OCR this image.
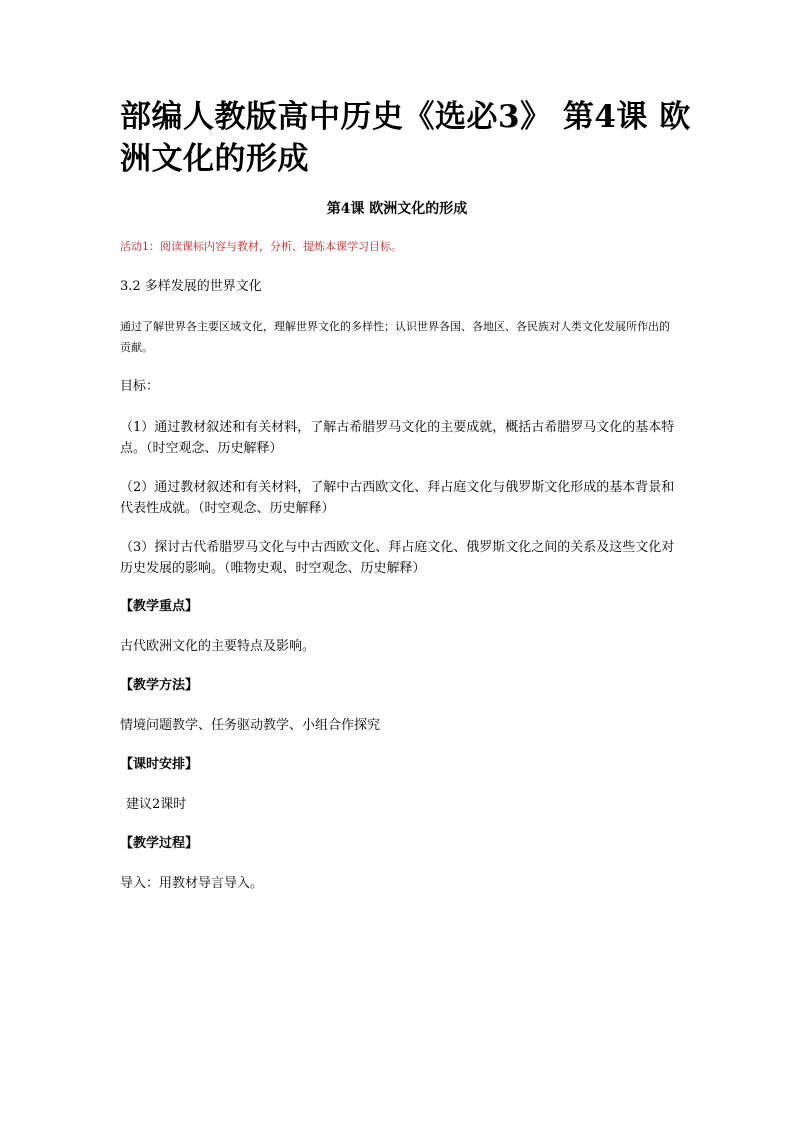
部编人教版高中历史《选必3》 第4课 欧洲文化的形成
第4课 欧洲文化的形成
活动1：阅读课标内容与教材，分析、提炼本课学习目标。
3.2 多样发展的世界文化

通过了解世界各主要区域文化，理解世界文化的多样性；认识世界各国、各地区、各民族对人类文化发展所作出的贡献。

目标：

（1）通过教材叙述和有关材料，了解古希腊罗马文化的主要成就，概括古希腊罗马文化的基本特点。（时空观念、历史解释）

（2）通过教材叙述和有关材料，了解中古西欧文化、拜占庭文化与俄罗斯文化形成的基本背景和代表性成就。（时空观念、历史解释）

（3）探讨古代希腊罗马文化与中古西欧文化、拜占庭文化、俄罗斯文化之间的关系及这些文化对历史发展的影响。（唯物史观、时空观念、历史解释）

【教学重点】
古代欧洲文化的主要特点及影响。
【教学方法】
情境问题教学、任务驱动教学、小组合作探究
【课时安排】
建议2课时
【教学过程】
导入：用教材导言导入。
